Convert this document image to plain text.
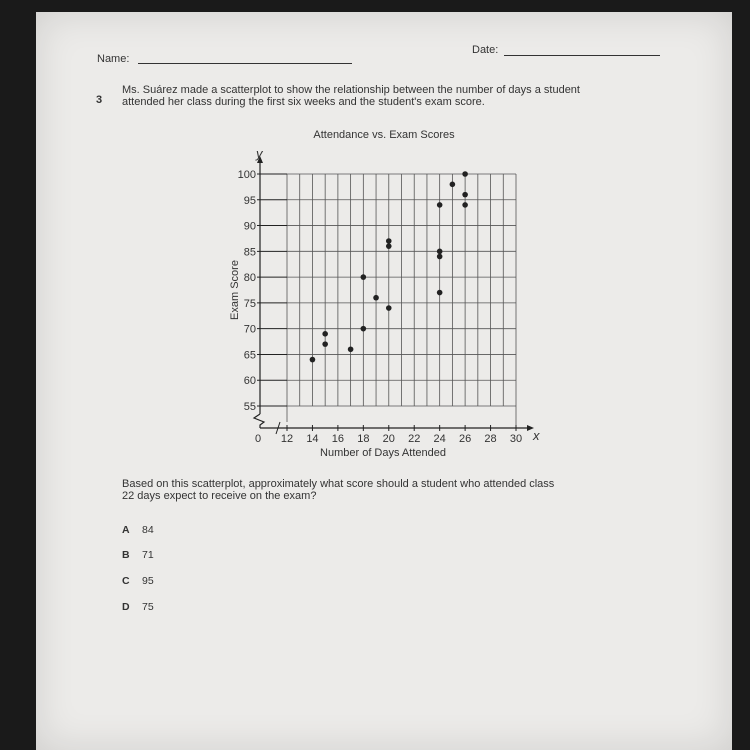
Name:
Date:
3
Ms. Suárez made a scatterplot to show the relationship between the number of days a student
attended her class during the first six weeks and the student's exam score.
55
60
65
70
75
80
85
90
95
100
12 14 16 18 20 22 24 26 28 30
Attendance vs. Exam Scores
Number of Days Attended
Exam Score
x
y
0
Based on this scatterplot, approximately what score should a student who attended class
22 days expect to receive on the exam?
A 84
B 71
C 95
D 75
